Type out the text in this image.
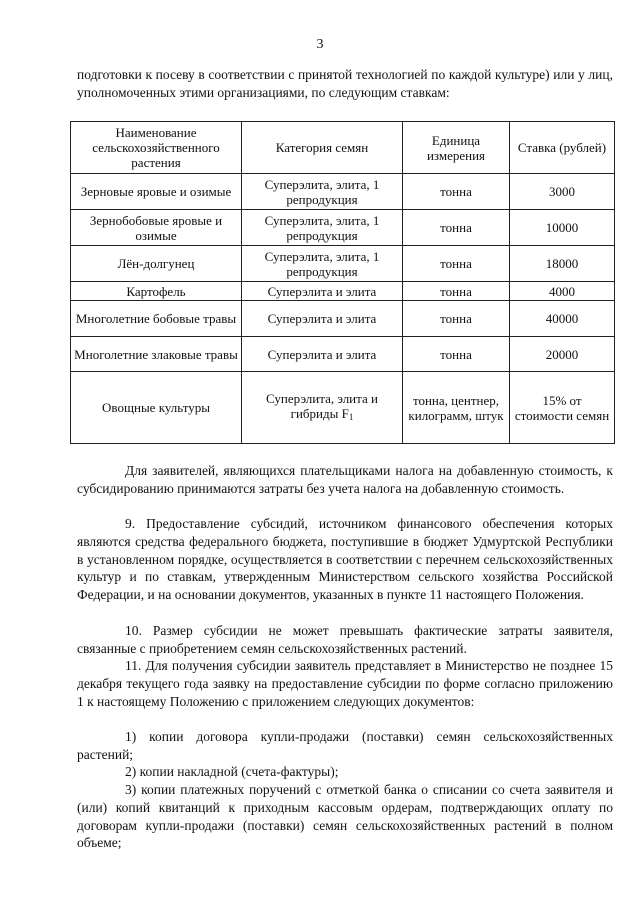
3

подготовки к посеву в соответствии с принятой технологией по каждой культуре) или у лиц, уполномоченных этими организациями, по следующим ставкам:

Наименование сельскохозяйственного растения	Категория семян	Единица измерения	Ставка (рублей)
Зерновые яровые и озимые	Суперэлита, элита, 1 репродукция	тонна	3000
Зернобобовые яровые и озимые	Суперэлита, элита, 1 репродукция	тонна	10000
Лён-долгунец	Суперэлита, элита, 1 репродукция	тонна	18000
Картофель	Суперэлита и элита	тонна	4000
Многолетние бобовые травы	Суперэлита и элита	тонна	40000
Многолетние злаковые травы	Суперэлита и элита	тонна	20000
Овощные культуры	Суперэлита, элита и гибриды $F_1$	тонна, центнер, килограмм, штук	15% от стоимости семян

Для заявителей, являющихся плательщиками налога на добавленную стоимость, к субсидированию принимаются затраты без учета налога на добавленную стоимость.

9. Предоставление субсидий, источником финансового обеспечения которых являются средства федерального бюджета, поступившие в бюджет Удмуртской Республики в установленном порядке, осуществляется в соответствии с перечнем сельскохозяйственных культур и по ставкам, утвержденным Министерством сельского хозяйства Российской Федерации, и на основании документов, указанных в пункте 11 настоящего Положения.

10. Размер субсидии не может превышать фактические затраты заявителя, связанные с приобретением семян сельскохозяйственных растений.

11. Для получения субсидии заявитель представляет в Министерство не позднее 15 декабря текущего года заявку на предоставление субсидии по форме согласно приложению 1 к настоящему Положению с приложением следующих документов:

1) копии договора купли-продажи (поставки) семян сельскохозяйственных растений;

2) копии накладной (счета-фактуры);

3) копии платежных поручений с отметкой банка о списании со счета заявителя и (или) копий квитанций к приходным кассовым ордерам, подтверждающих оплату по договорам купли-продажи (поставки) семян сельскохозяйственных растений в полном объеме;
